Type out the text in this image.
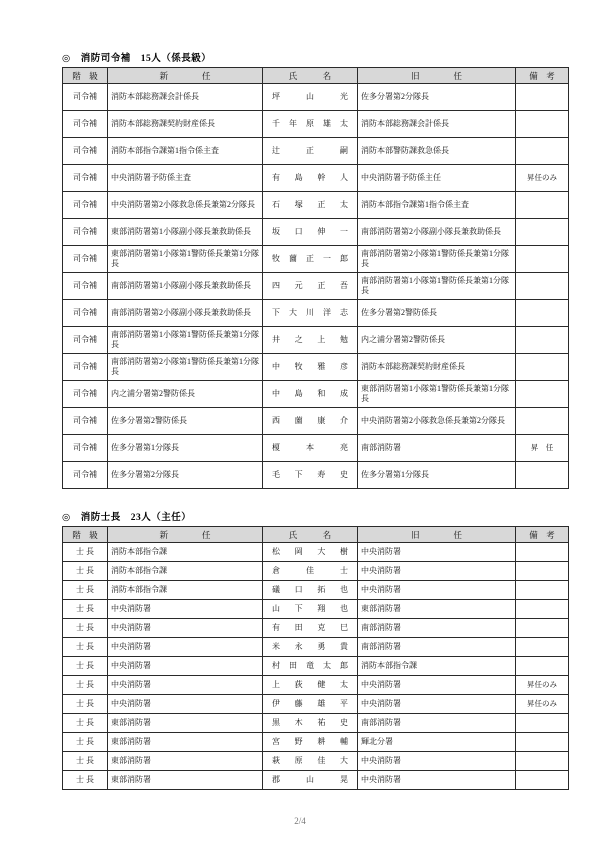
◎　消防司令補　15人（係長級）
階　級	新　　　　任	氏　　　名	旧　　　　任	備　考
司令補	消防本部総務課会計係長	坪 山 光	佐多分署第2分隊長	
司令補	消防本部総務課契約財産係長	千 年 原 雄 太	消防本部総務課会計係長	
司令補	消防本部指令課第1指令係主査	辻 正 嗣	消防本部警防課救急係長	
司令補	中央消防署予防係主査	有 島 幹 人	中央消防署予防係主任	昇任のみ
司令補	中央消防署第2小隊救急係長兼第2分隊長	石 塚 正 太	消防本部指令課第1指令係主査	
司令補	東部消防署第1小隊副小隊長兼救助係長	坂 口 伸 一	南部消防署第2小隊副小隊長兼救助係長	
司令補	東部消防署第1小隊第1警防係長兼第1分隊長	牧 薗 正 一 郎	南部消防署第2小隊第1警防係長兼第1分隊長	
司令補	南部消防署第1小隊副小隊長兼救助係長	四 元 正 吾	南部消防署第1小隊第1警防係長兼第1分隊長	
司令補	南部消防署第2小隊副小隊長兼救助係長	下 大 川 洋 志	佐多分署第2警防係長	
司令補	南部消防署第1小隊第1警防係長兼第1分隊長	井 之 上 勉	内之浦分署第2警防係長	
司令補	南部消防署第2小隊第1警防係長兼第1分隊長	中 牧 雅 彦	消防本部総務課契約財産係長	
司令補	内之浦分署第2警防係長	中 島 和 成	東部消防署第1小隊第1警防係長兼第1分隊長	
司令補	佐多分署第2警防係長	西 薗 康 介	中央消防署第2小隊救急係長兼第2分隊長	
司令補	佐多分署第1分隊長	榎 本 亮	南部消防署	昇　任
司令補	佐多分署第2分隊長	毛 下 寿 史	佐多分署第1分隊長	
◎　消防士長　23人（主任）
階　級	新　　　　任	氏　　　名	旧　　　　任	備　考
士 長	消防本部指令課	松 岡 大 樹	中央消防署	
士 長	消防本部指令課	倉 佳 士	中央消防署	
士 長	消防本部指令課	礒 口 拓 也	中央消防署	
士 長	中央消防署	山 下 翔 也	東部消防署	
士 長	中央消防署	有 田 克 巳	南部消防署	
士 長	中央消防署	米 永 勇 貴	南部消防署	
士 長	中央消防署	村 田 竜 太 郎	消防本部指令課	
士 長	中央消防署	上 荻 健 太	中央消防署	昇任のみ
士 長	中央消防署	伊 藤 雄 平	中央消防署	昇任のみ
士 長	東部消防署	黒 木 祐 史	南部消防署	
士 長	東部消防署	宮 野 耕 輔	輝北分署	
士 長	東部消防署	萩 原 佳 大	中央消防署	
士 長	東部消防署	郡 山 晃	中央消防署	
2/4
